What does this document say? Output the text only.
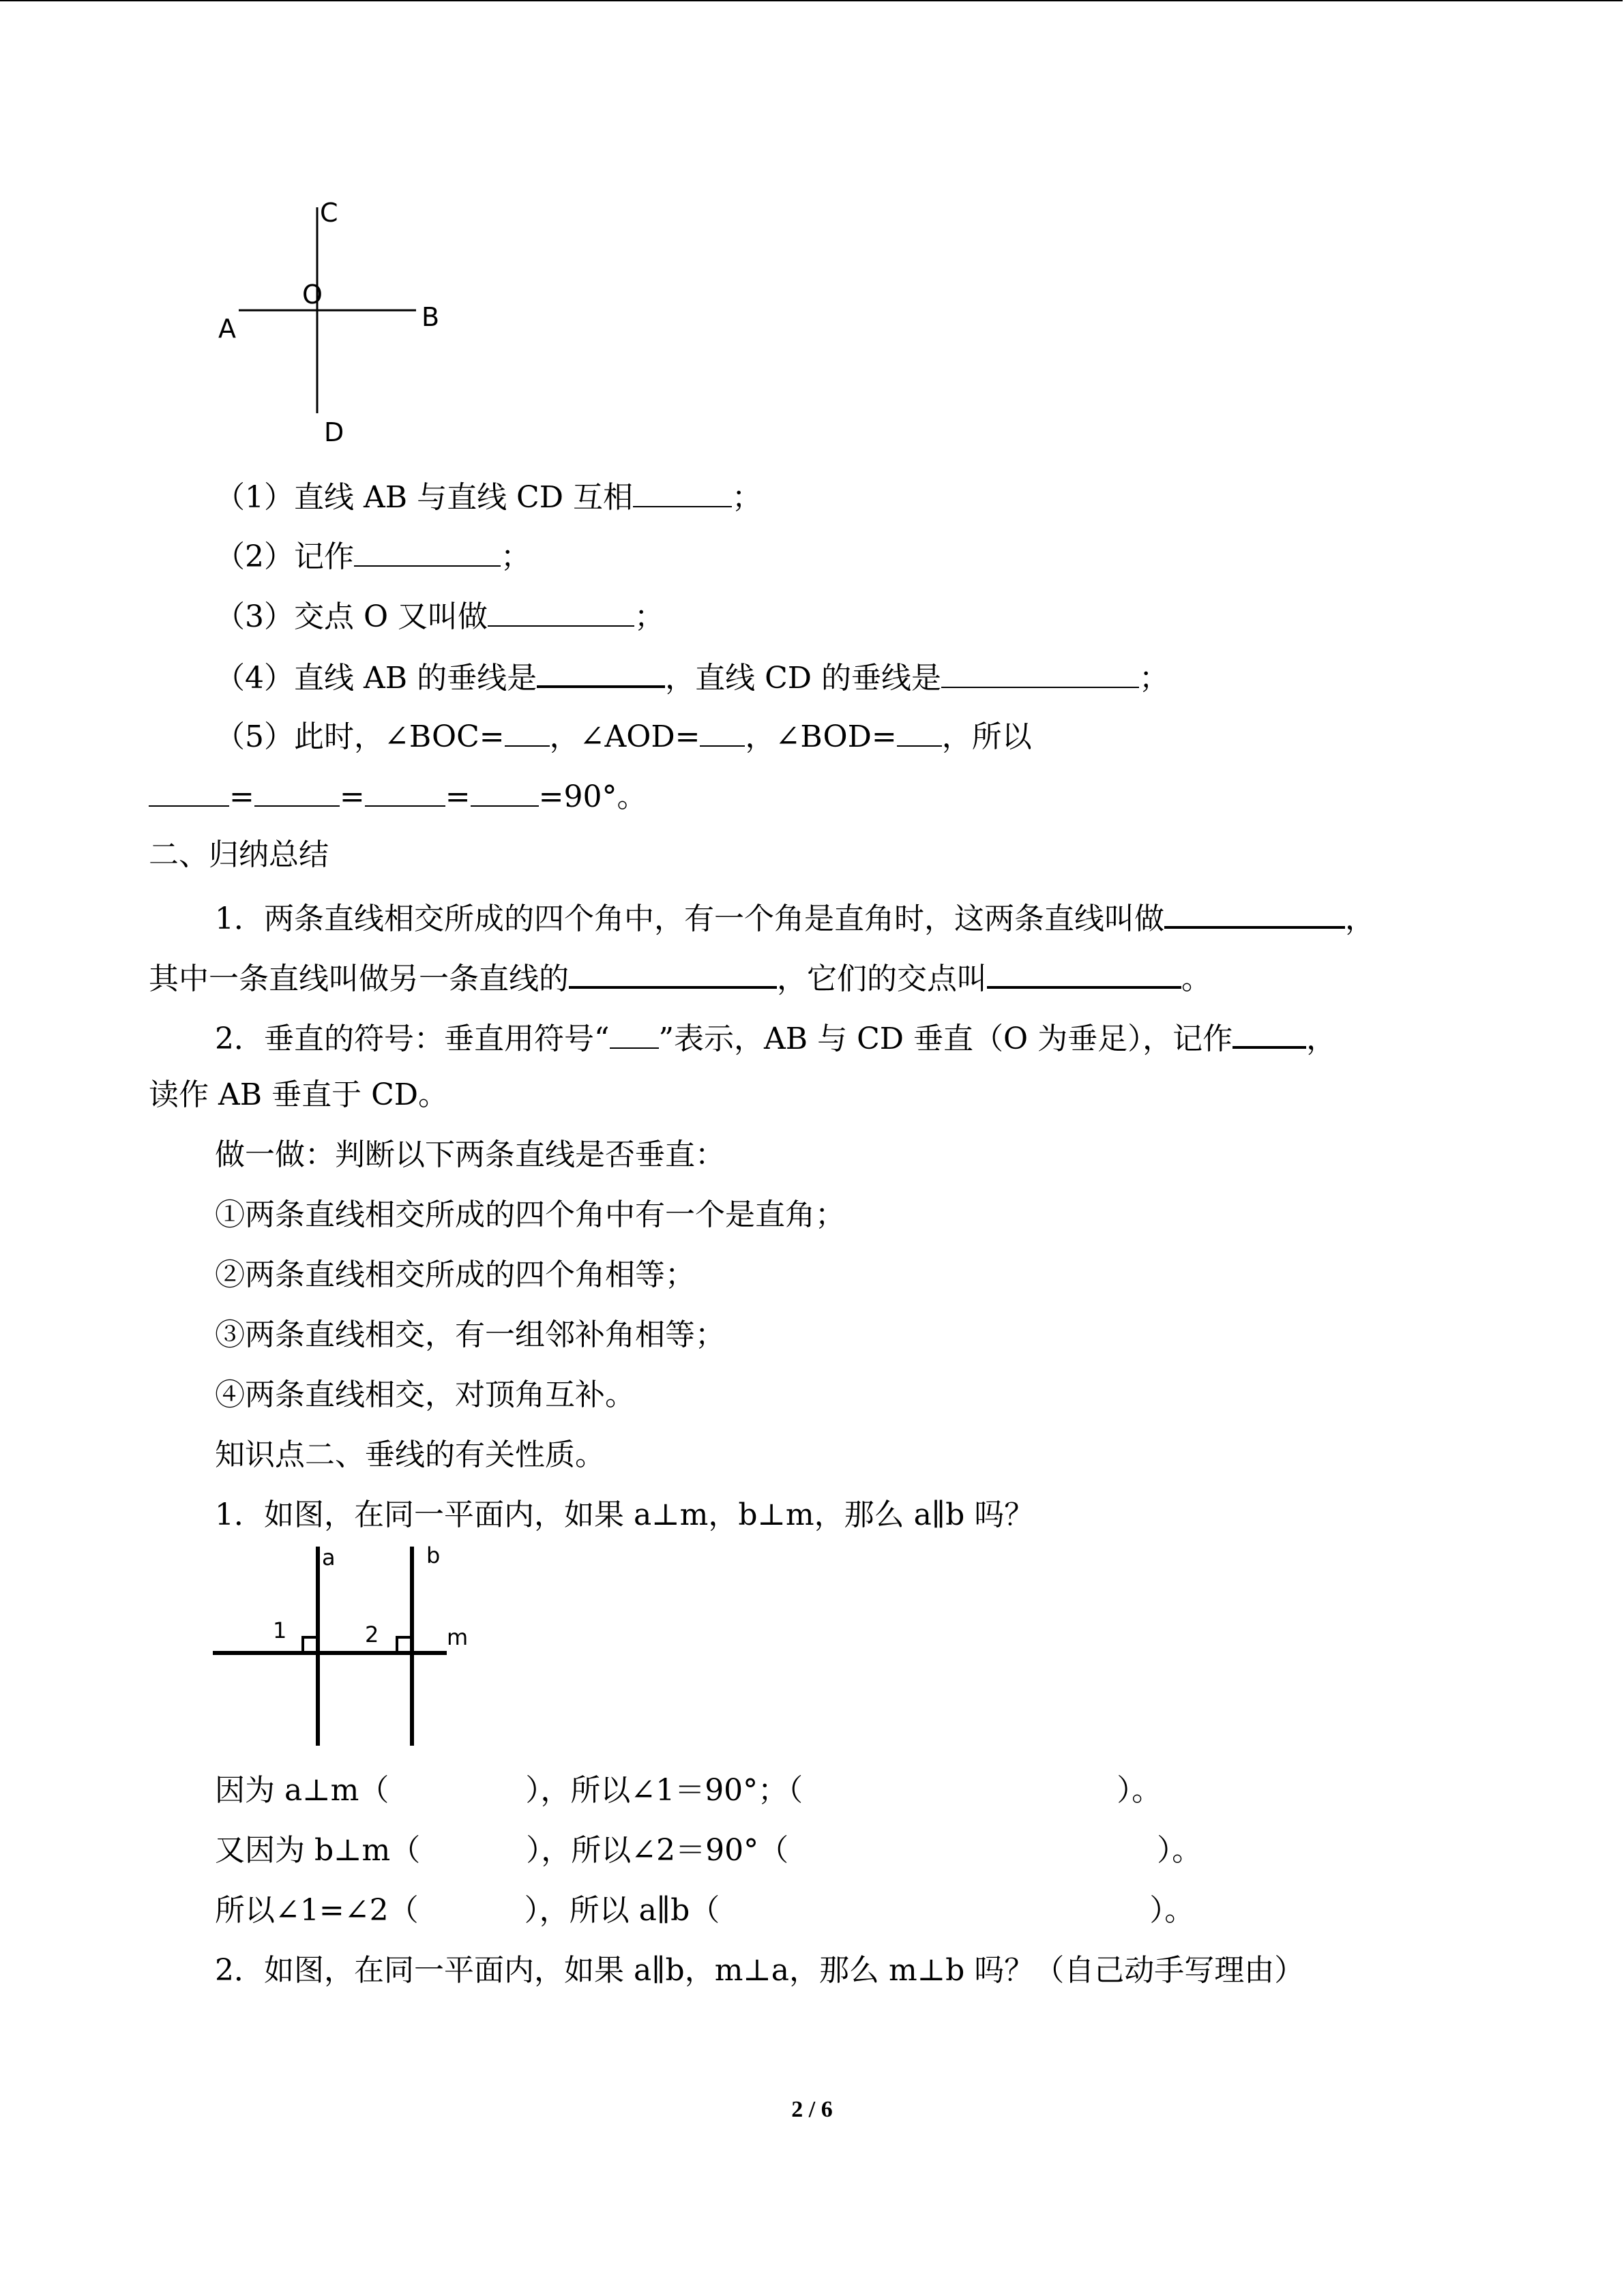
C
O
A	B
D
（1）直线 AB 与直线 CD 互相	；
（2）记作	；
（3）交点 O 又叫做	；
（4）直线 AB 的垂线是	，直线 CD 的垂线是	；
（5）此时，∠BOC= ，∠AOD= ，∠BOD= ，所以
=	=	= =90°。
二、归纳总结
1．两条直线相交所成的四个角中，有一个角是直角时，这两条直线叫做	，
其中一条直线叫做另一条直线的	，它们的交点叫	。
2．垂直的符号：垂直用符号“ ”表示，AB 与 CD 垂直（O 为垂足），记作 ，
读作 AB 垂直于 CD。
做一做：判断以下两条直线是否垂直：
①两条直线相交所成的四个角中有一个是直角；
②两条直线相交所成的四个角相等；
③两条直线相交，有一组邻补角相等；
④两条直线相交，对顶角互补。
知识点二、垂线的有关性质。
1．如图，在同一平面内，如果 a⊥m，b⊥m，那么 a∥b 吗？
a	b
m
1	2
因为 a⊥m（	），所以∠1＝90°；（	）。
又因为 b⊥m（	），所以∠2＝90°（	）。
所以∠1=∠2（	），所以 a∥b（	）。
2．如图，在同一平面内，如果 a∥b，m⊥a，那么 m⊥b 吗？（自己动手写理由）
2 / 6
